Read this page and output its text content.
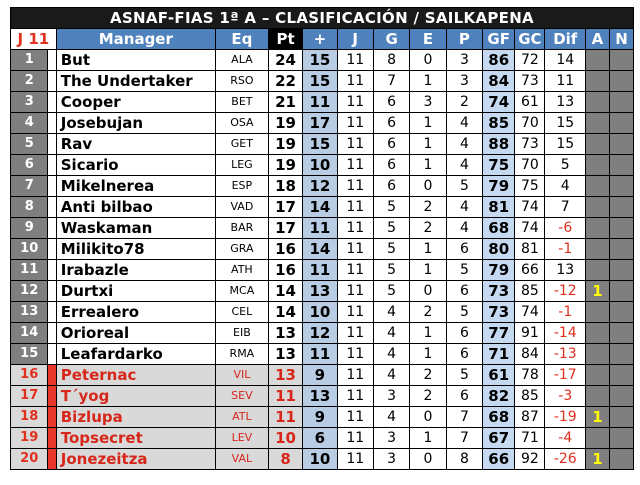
ASNAF-FIAS 1ª A – CLASIFICACIÓN / SAILKAPENA														
J 11		Manager	Eq	Pt	+	J	G	E	P	GF	GC	Dif	A	N
1		But	ALA	24	15	11	8	0	3	86	72	14		
2		The Undertaker	RSO	22	15	11	7	1	3	84	73	11		
3		Cooper	BET	21	11	11	6	3	2	74	61	13		
4		Josebujan	OSA	19	17	11	6	1	4	85	70	15		
5		Rav	GET	19	15	11	6	1	4	88	73	15		
6		Sicario	LEG	19	10	11	6	1	4	75	70	5		
7		Mikelnerea	ESP	18	12	11	6	0	5	79	75	4		
8		Anti bilbao	VAD	17	14	11	5	2	4	81	74	7		
9		Waskaman	BAR	17	11	11	5	2	4	68	74	-6		
10		Milikito78	GRA	16	14	11	5	1	6	80	81	-1		
11		Irabazle	ATH	16	11	11	5	1	5	79	66	13		
12		Durtxi	MCA	14	13	11	5	0	6	73	85	-12	1	
13		Errealero	CEL	14	10	11	4	2	5	73	74	-1		
14		Orioreal	EIB	13	12	11	4	1	6	77	91	-14		
15		Leafardarko	RMA	13	11	11	4	1	6	71	84	-13		
16		Peternac	VIL	13	9	11	4	2	5	61	78	-17		
17		T´yog	SEV	11	13	11	3	2	6	82	85	-3		
18		Bizlupa	ATL	11	9	11	4	0	7	68	87	-19	1	
19		Topsecret	LEV	10	6	11	3	1	7	67	71	-4		
20		Jonezeitza	VAL	8	10	11	3	0	8	66	92	-26	1	
